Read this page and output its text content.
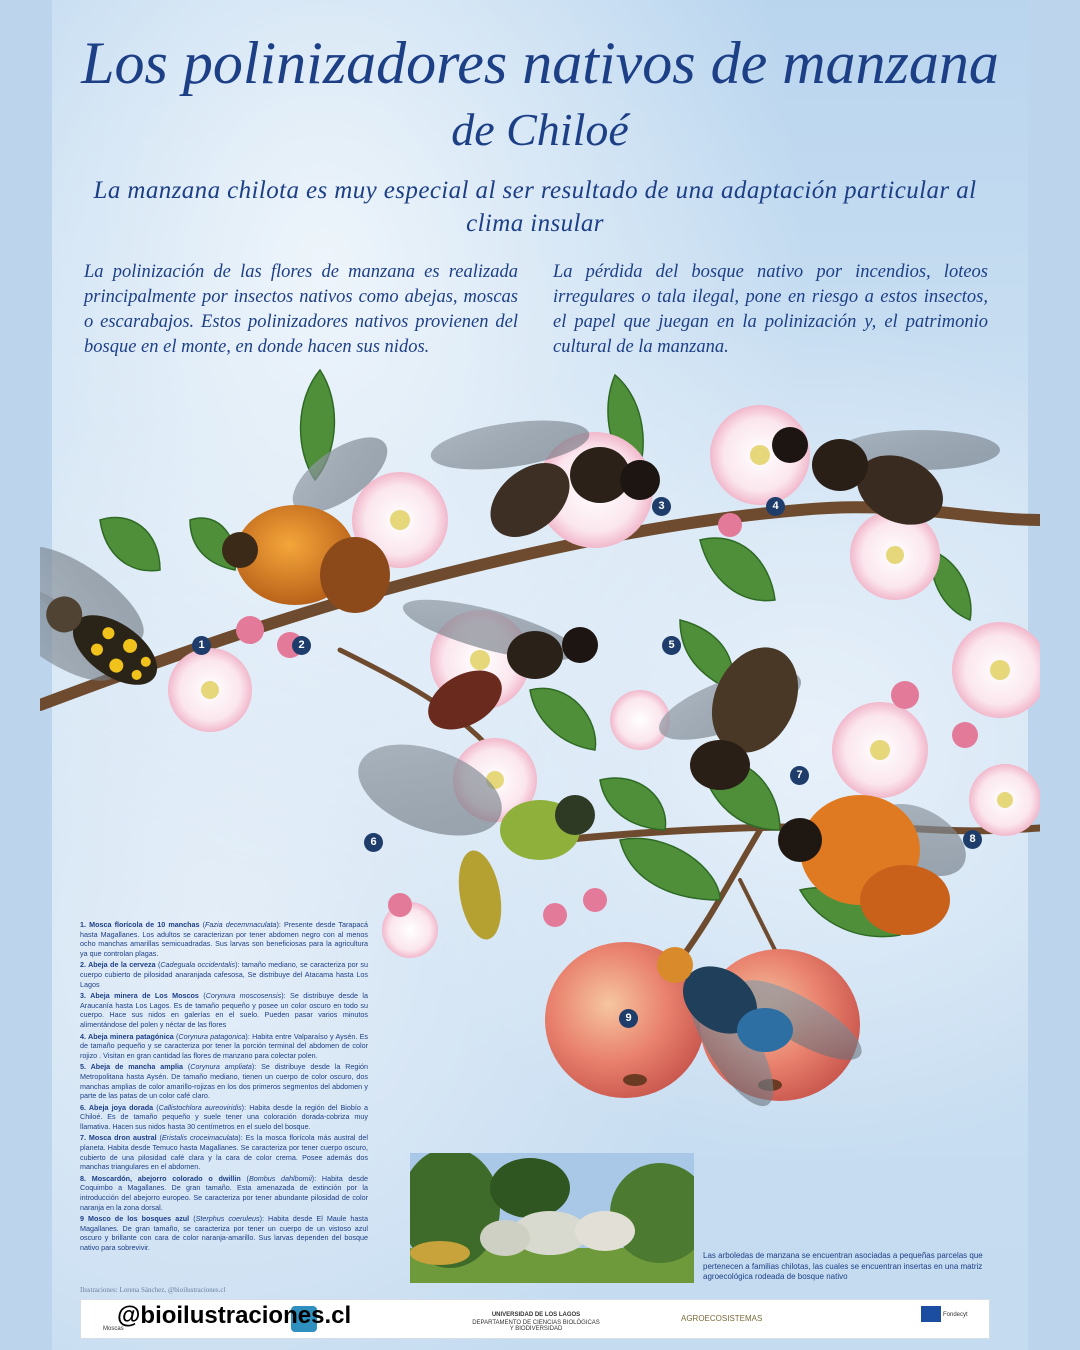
Los polinizadores nativos de manzana
de Chiloé
La manzana chilota es muy especial al ser resultado de una adaptación particular al clima insular
La polinización de las flores de manzana es realizada principalmente por insectos nativos como abejas, moscas o escarabajos. Estos polinizadores nativos provienen del bosque en el monte, en donde hacen sus nidos.
La pérdida del bosque nativo por incendios, loteos irregulares o tala ilegal, pone en riesgo a estos insectos, el papel que juegan en la polinización y, el patrimonio cultural de la manzana.
1	2
3	4
5
6
7
8
9
1. Mosca florícola de 10 manchas (Fazia decemmaculata): Presente desde Tarapacá hasta Magallanes. Los adultos se caracterizan por tener abdomen negro con al menos ocho manchas amarillas semicuadradas. Sus larvas son beneficiosas para la agricultura ya que controlan plagas.
2. Abeja de la cerveza (Cadeguala occidentalis): tamaño mediano, se caracteriza por su cuerpo cubierto de pilosidad anaranjada cafesosa, Se distribuye del Atacama hasta Los Lagos
3. Abeja minera de Los Moscos (Corynura moscosensis): Se distribuye desde la Araucanía hasta Los Lagos. Es de tamaño pequeño y posee un color oscuro en todo su cuerpo. Hace sus nidos en galerías en el suelo. Pueden pasar varios minutos alimentándose del polen y néctar de las flores
4. Abeja minera patagónica (Corynura patagonica): Habita entre Valparaíso y Aysén. Es de tamaño pequeño y se caracteriza por tener la porción terminal del abdomen de color rojizo . Visitan en gran cantidad las flores de manzano para colectar polen.
5. Abeja de mancha amplia (Corynura ampliata): Se distribuye desde la Región Metropolitana hasta Aysén. De tamaño mediano, tienen un cuerpo de color oscuro, dos manchas amplias de color amarillo-rojizas en los dos primeros segmentos del abdomen y parte de las patas de un color café claro.
6. Abeja joya dorada (Callistochlora aureoviridis): Habita desde la región del Biobío a Chiloé. Es de tamaño pequeño y suele tener una coloración dorada-cobriza muy llamativa. Hacen sus nidos hasta 30 centímetros en el suelo del bosque.
7. Mosca dron austral (Eristalis croceimaculata): Es la mosca florícola más austral del planeta. Habita desde Temuco hasta Magallanes. Se caracteriza por tener cuerpo oscuro, cubierto de una pilosidad café clara y la cara de color crema. Posee además dos manchas triangulares en el abdomen.
8. Moscardón, abejorro colorado o dwillin (Bombus dahlbomii): Habita desde Coquimbo a Magallanes. De gran tamaño. Esta amenazada de extinción por la introducción del abejorro europeo. Se caracteriza por tener abundante pilosidad de color naranja en la zona dorsal.
9 Mosco de los bosques azul (Sterphus coeruleus): Habita desde El Maule hasta Magallanes. De gran tamaño, se caracteriza por tener un cuerpo de un vistoso azul oscuro y brillante con cara de color naranja-amarillo. Sus larvas dependen del bosque nativo para sobrevivir.
Ilustraciones: Lorena Sánchez, @bioilustraciones.cl
Las arboledas de manzana se encuentran asociadas a pequeñas parcelas que pertenecen a familias chilotas, las cuales se encuentran insertas en una matriz agroecológica rodeada de bosque nativo
Moscas
UNIVERSIDAD DE LOS LAGOS
DEPARTAMENTO DE CIENCIAS BIOLÓGICAS Y BIODIVERSIDAD
AGROECOSISTEMAS	Fondecyt
@bioilustraciones.cl
